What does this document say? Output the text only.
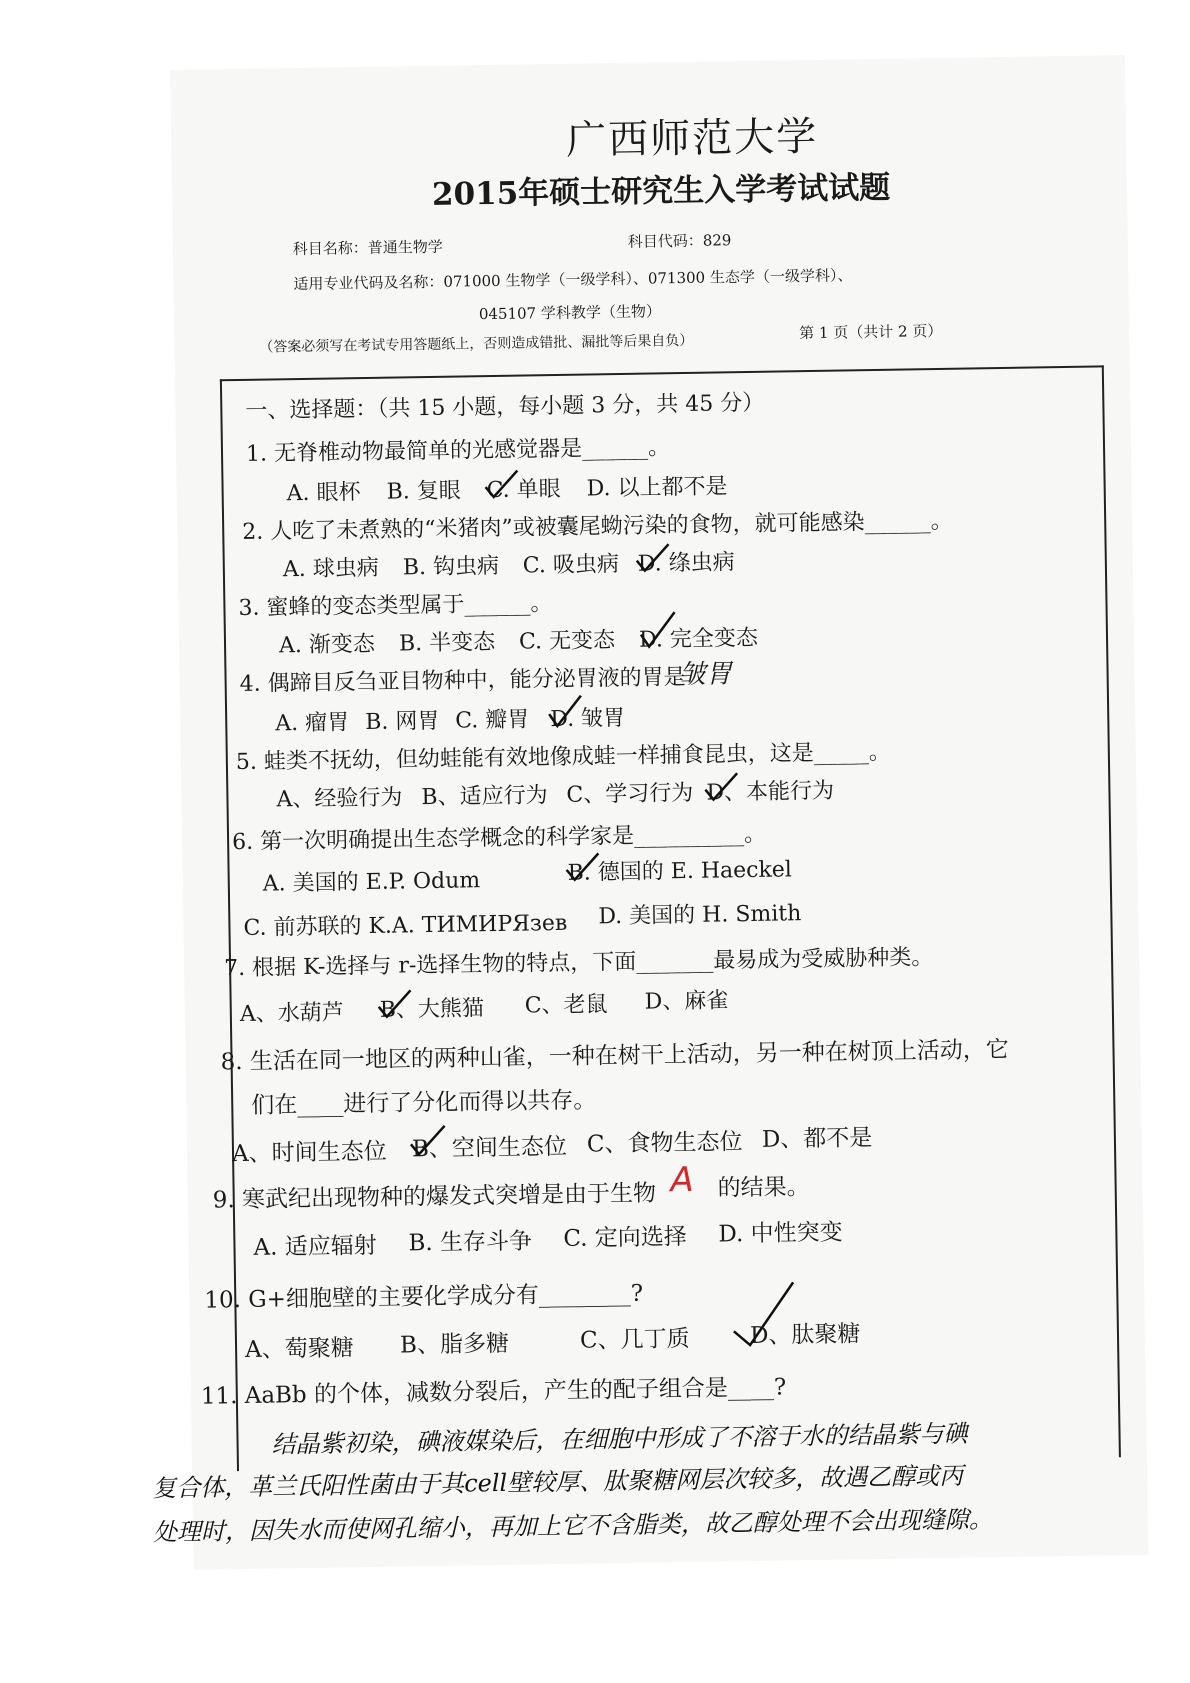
广西师范大学
2015年硕士研究生入学考试试题
科目名称：普通生物学	科目代码：829
适用专业代码及名称：071000 生物学（一级学科）、071300 生态学（一级学科）、
045107 学科教学（生物）
（答案必须写在考试专用答题纸上，否则造成错批、漏批等后果自负）
第 1 页（共计 2 页）
一、选择题：（共 15 小题，每小题 3 分，共 45 分）
1. 无脊椎动物最简单的光感觉器是______。
A. 眼杯 B. 复眼 C. 单眼 D. 以上都不是
2. 人吃了未煮熟的“米猪肉”或被囊尾蚴污染的食物，就可能感染______。
A. 球虫病 B. 钩虫病 C. 吸虫病 D. 绦虫病
3. 蜜蜂的变态类型属于______。
A. 渐变态 B. 半变态 C. 无变态 D. 完全变态
4. 偶蹄目反刍亚目物种中，能分泌胃液的胃是
皱胃
A. 瘤胃 B. 网胃 C. 瓣胃 D. 皱胃
5. 蛙类不抚幼，但幼蛙能有效地像成蛙一样捕食昆虫，这是_____。
A、经验行为 B、适应行为 C、学习行为 D、本能行为
6. 第一次明确提出生态学概念的科学家是__________。
A. 美国的 E.P. Odum	B. 德国的 E. Haeckel
C. 前苏联的 K.A. ТИМИРЯзев D. 美国的 H. Smith
7. 根据 K-选择与 r-选择生物的特点，下面_______最易成为受威胁种类。
A、水葫芦 B、大熊猫 C、老鼠 D、麻雀
8. 生活在同一地区的两种山雀，一种在树干上活动，另一种在树顶上活动，它
们在____进行了分化而得以共存。
A、时间生态位 B、空间生态位 C、食物生态位 D、都不是
9. 寒武纪出现物种的爆发式突增是由于生物 A 的结果。
A. 适应辐射 B. 生存斗争 C. 定向选择 D. 中性突变
10. G+细胞壁的主要化学成分有________?
A、萄聚糖 B、脂多糖	C、几丁质	D、肽聚糖
11. AaBb 的个体，减数分裂后，产生的配子组合是____?
结晶紫初染，碘液媒染后，在细胞中形成了不溶于水的结晶紫与碘
复合体，革兰氏阳性菌由于其cell壁较厚、肽聚糖网层次较多，故遇乙醇或丙
处理时，因失水而使网孔缩小，再加上它不含脂类，故乙醇处理不会出现缝隙。
